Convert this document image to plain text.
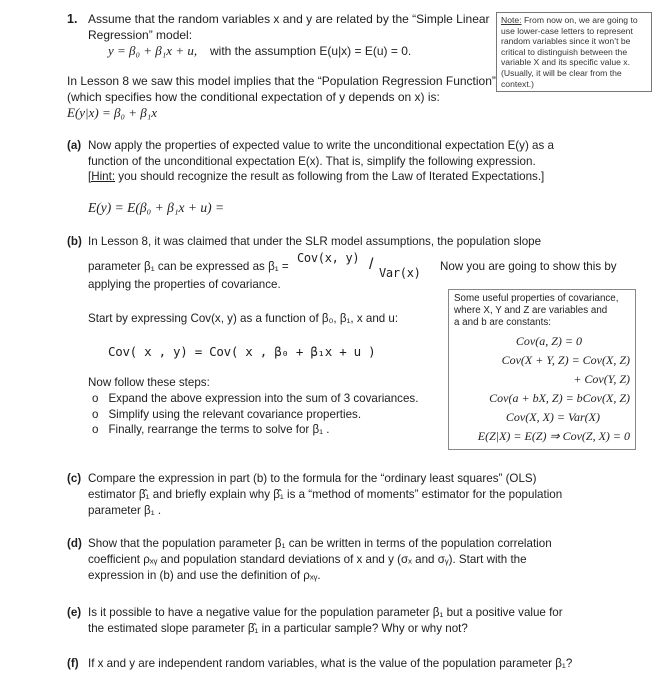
1. Assume that the random variables x and y are related by the “Simple Linear
Regression” model:
y = β₀ + β₁x + u, with the assumption E(u|x) = E(u) = 0.
Note: From now on, we are going to use lower-case letters to represent random variables since it won’t be critical to distinguish between the variable X and its specific value x. (Usually, it will be clear from the context.)
In Lesson 8 we saw this model implies that the “Population Regression Function”
(which specifies how the conditional expectation of y depends on x) is:
E(y|x) = β₀ + β₁x
(a) Now apply the properties of expected value to write the unconditional expectation E(y) as a
function of the unconditional expectation E(x). That is, simplify the following expression.
[Hint: you should recognize the result as following from the Law of Iterated Expectations.]
E(y) = E(β₀ + β₁x + u) =
(b) In Lesson 8, it was claimed that under the SLR model assumptions, the population slope
parameter β₁ can be expressed as β₁ =
Cov(x, y) / Var(x) Now you are going to show this by
applying the properties of covariance.
Start by expressing Cov(x, y) as a function of β₀, β₁, x and u:
Cov( x , y) = Cov( x , β₀ + β₁x + u )
Now follow these steps:
o Expand the above expression into the sum of 3 covariances.
o Simplify using the relevant covariance properties.
o Finally, rearrange the terms to solve for β₁ .
Some useful properties of covariance,
where X, Y and Z are variables and
a and b are constants:
Cov(a, Z) = 0
Cov(X + Y, Z) = Cov(X, Z)
+ Cov(Y, Z)
Cov(a + bX, Z) = bCov(X, Z)
Cov(X, X) = Var(X)
E(Z|X) = E(Z) ⇒ Cov(Z, X) = 0
(c) Compare the expression in part (b) to the formula for the “ordinary least squares” (OLS)
estimator β̂₁ and briefly explain why β̂₁ is a “method of moments” estimator for the population
parameter β₁ .
(d) Show that the population parameter β₁ can be written in terms of the population correlation
coefficient ρₓᵧ and population standard deviations of x and y (σₓ and σᵧ). Start with the
expression in (b) and use the definition of ρₓᵧ.
(e) Is it possible to have a negative value for the population parameter β₁ but a positive value for
the estimated slope parameter β̂₁ in a particular sample? Why or why not?
(f) If x and y are independent random variables, what is the value of the population parameter β₁?
